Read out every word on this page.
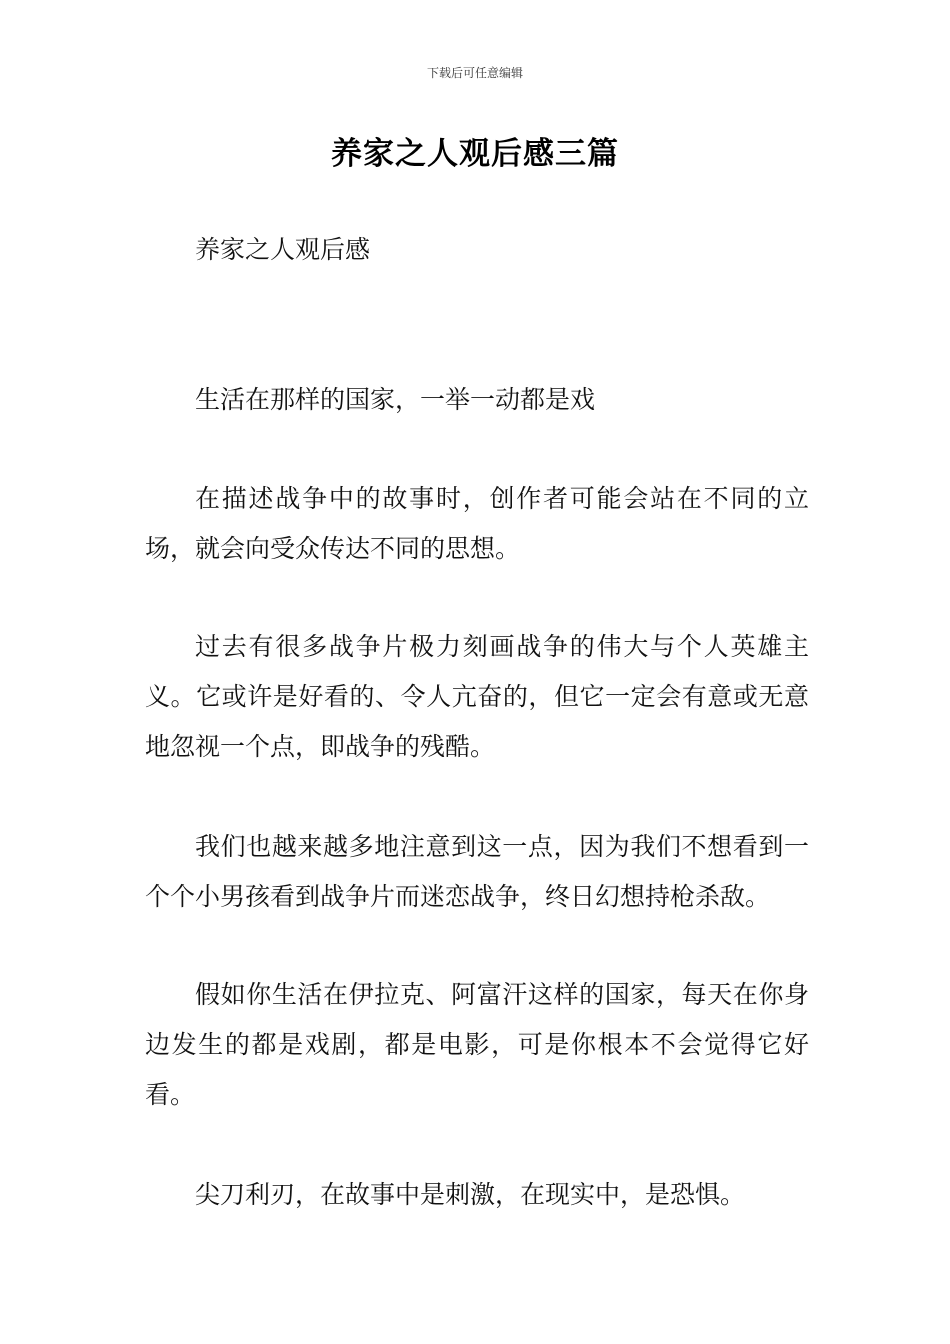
下载后可任意编辑
养家之人观后感三篇

养家之人观后感

生活在那样的国家，一举一动都是戏

在描述战争中的故事时，创作者可能会站在不同的立场，就会向受众传达不同的思想。

过去有很多战争片极力刻画战争的伟大与个人英雄主义。它或许是好看的、令人亢奋的，但它一定会有意或无意地忽视一个点，即战争的残酷。

我们也越来越多地注意到这一点，因为我们不想看到一个个小男孩看到战争片而迷恋战争，终日幻想持枪杀敌。

假如你生活在伊拉克、阿富汗这样的国家，每天在你身边发生的都是戏剧，都是电影，可是你根本不会觉得它好看。

尖刀利刃，在故事中是刺激，在现实中，是恐惧。
